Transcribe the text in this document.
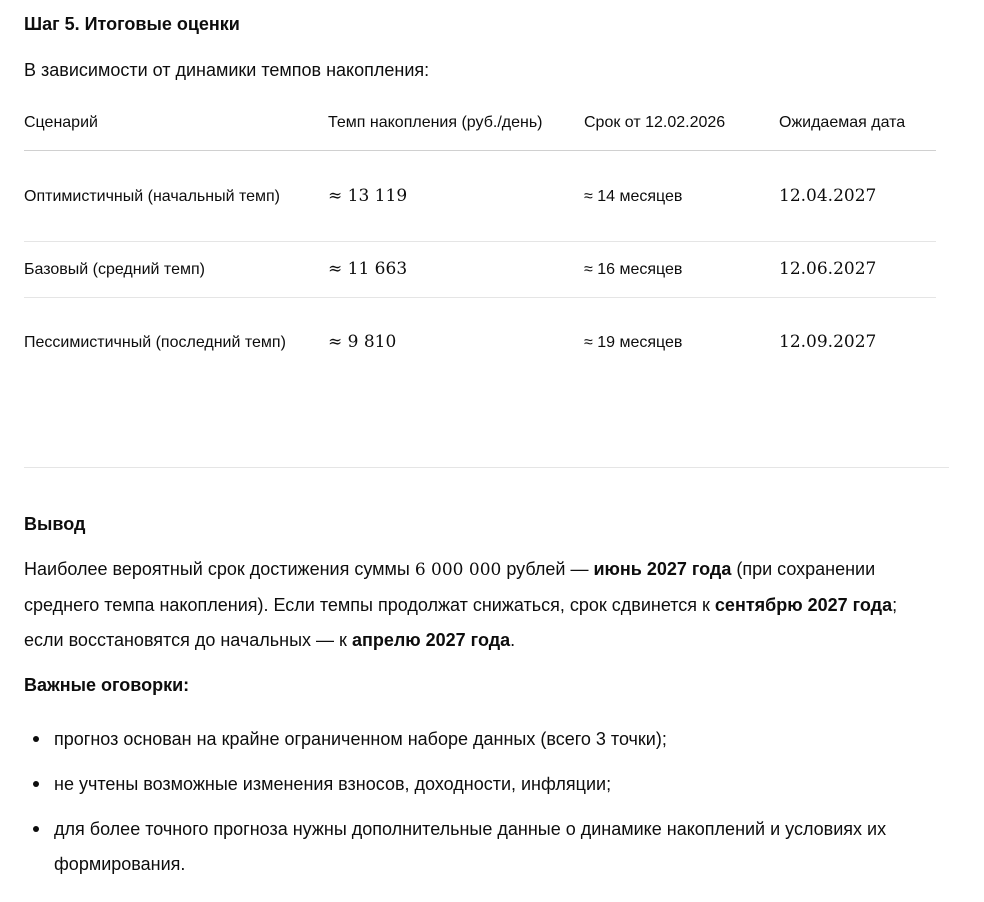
Шаг 5. Итоговые оценки

В зависимости от динамики темпов накопления:

Сценарий	Темп накопления (руб./день)	Срок от 12.02.2026	Ожидаемая дата
Оптимистичный (начальный темп)	≈ 13 119	≈ 14 месяцев	12.04.2027
Базовый (средний темп)	≈ 11 663	≈ 16 месяцев	12.06.2027
Пессимистичный (последний темп)	≈ 9 810	≈ 19 месяцев	12.09.2027
Вывод

Наиболее вероятный срок достижения суммы 6 000 000 рублей — июнь 2027 года (при сохранении среднего темпа накопления). Если темпы продолжат снижаться, срок сдвинется к сентябрю 2027 года; если восстановятся до начальных — к апрелю 2027 года.

Важные оговорки:
прогноз основан на крайне ограниченном наборе данных (всего 3 точки);
не учтены возможные изменения взносов, доходности, инфляции;
для более точного прогноза нужны дополнительные данные о динамике накоплений и условиях их формирования.
